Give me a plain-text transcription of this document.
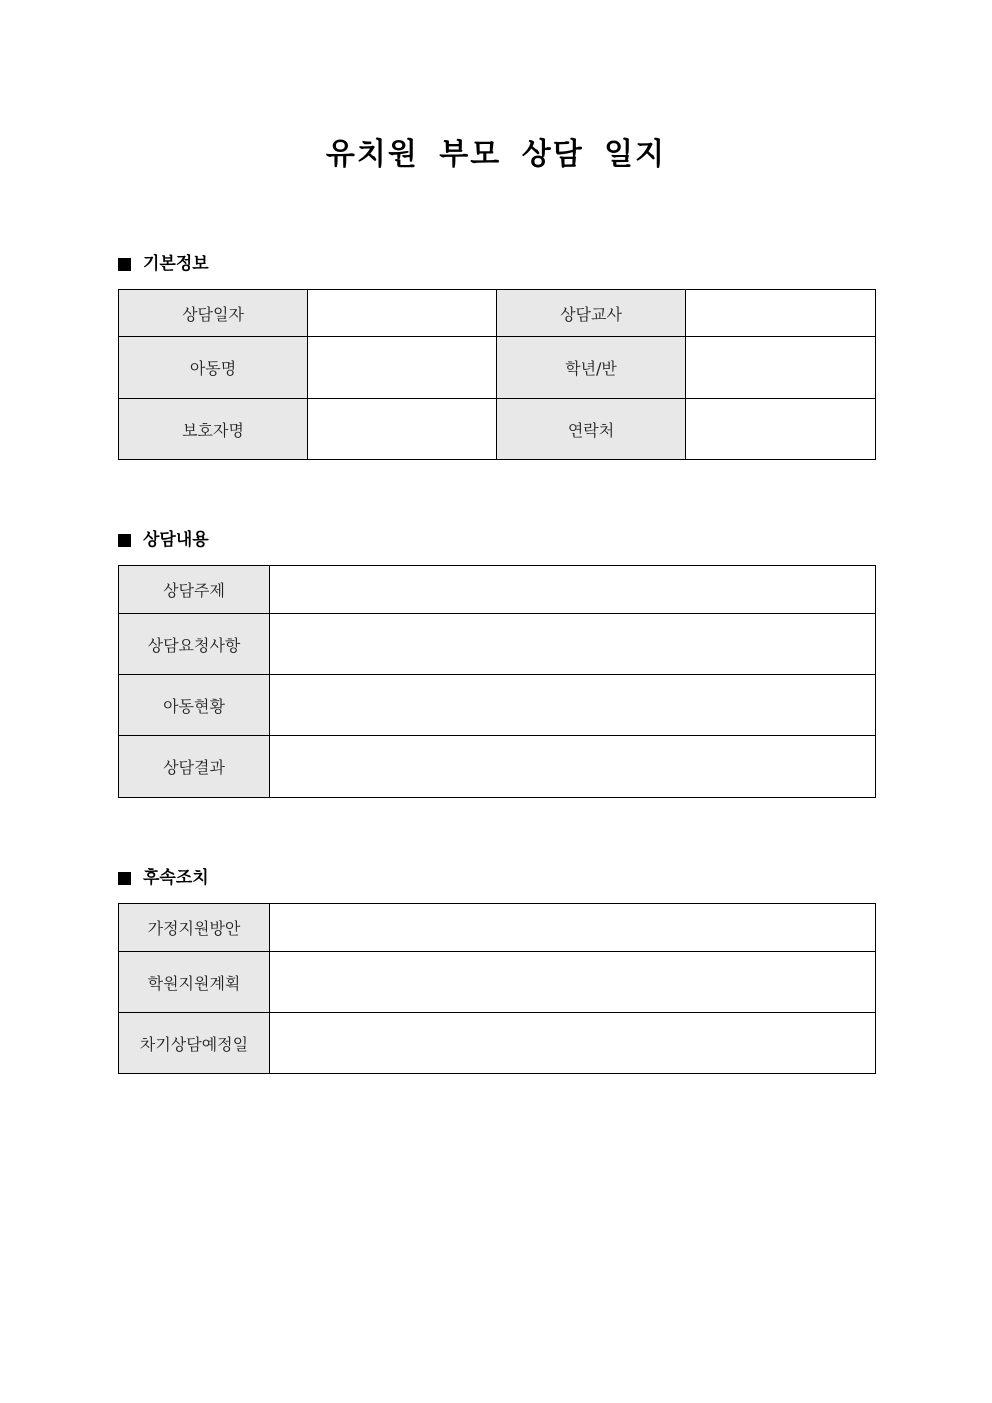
유치원 부모 상담 일지
기본정보
상담일자		상담교사	
아동명		학년/반	
보호자명		연락처	
상담내용
상담주제	
상담요청사항	
아동현황	
상담결과	
후속조치
가정지원방안	
학원지원계획	
차기상담예정일	
